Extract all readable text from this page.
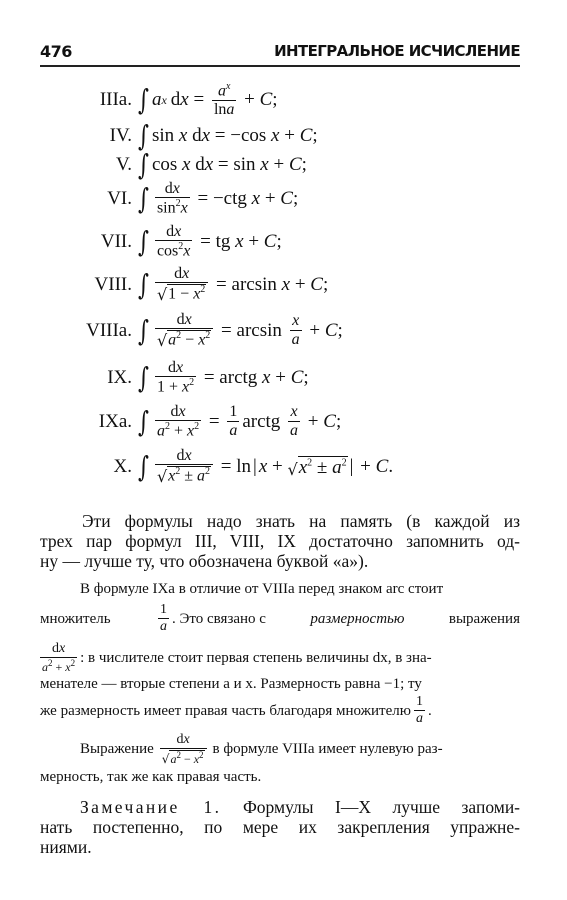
476	ИНТЕГРАЛЬНОЕ ИСЧИСЛЕНИЕ
IIIa. ∫ a x d $x = \frac{a^x}{\ln a} + C$ ;
IV. ∫ sin x d x = −cos x + C ;
V. ∫ cos x d x = sin x + C ;
VI. ∫ $\frac{dx}{\sin^2x} = -ctg$ x + C ;
VII. ∫ $\frac{dx}{\cos^2x}$ = tg x + C ;
VIII. ∫ $\frac{dx}{√ 1 - x^2} = \arcsin x + C$ ;
VIIIa. ∫ $\frac{dx}{√ a^2 - x^2} = \arcsin \frac{x}{a} + C$ ;
IX. ∫ $\frac{dx}{1 + x^2}$ = arctg x + C ;
IXa. ∫ $\frac{dx}{a^2 + x^2} = \frac{1}{a}$ arctg $\frac{x}{a} + C$ ;
X. ∫ $\frac{dx}{√ x^2 \pm a^2} = \ln$ | x + √ $x^2 \pm a^2$ | + C .
Эти формулы надо знать на память (в каждой из
трех пар формул III, VIII, IX достаточно запомнить од-
ну — лучше ту, что обозначена буквой «а»).
В формуле IXa в отличие от VIIIa перед знаком arc стоит
множитель	$\frac{1}{a}$ . Это связано с	размерностью	выражения
$\frac{dx}{a^2 + x^2}$ : в числителе стоит первая степень величины dx, в зна-
менателе — вторые степени a и x. Размерность равна −1; ту
же размерность имеет правая часть благодаря множителю $\frac{1}{a}$ .
Выражение $\frac{dx}{√ a^2 - x^2}$ в формуле VIIIa имеет нулевую раз-
мерность, так же как правая часть.
Замечание 1. Формулы I—X лучше запоми-
нать постепенно, по мере их закрепления упражне-
ниями.
